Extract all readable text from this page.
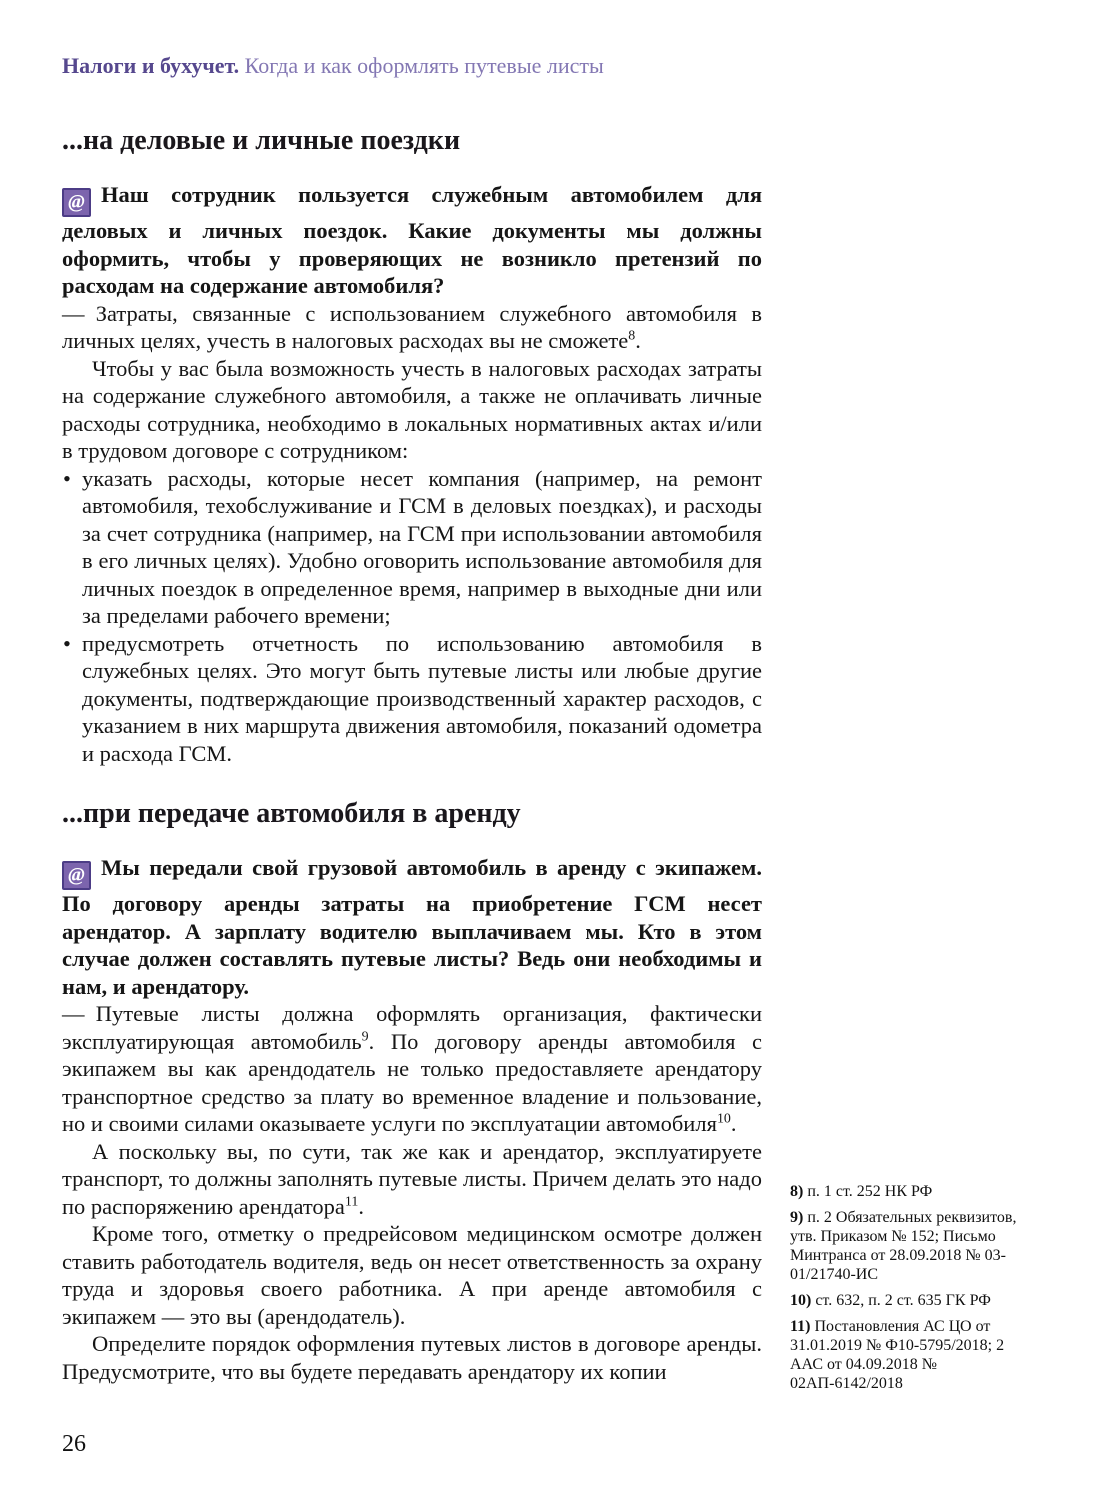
Налоги и бухучет. Когда и как оформлять путевые листы
...на деловые и личные поездки

@ Наш сотрудник пользуется служебным автомобилем для деловых и личных поездок. Какие документы мы должны оформить, чтобы у проверяющих не возникло претензий по расходам на содержание автомобиля?

— Затраты, связанные с использованием служебного автомобиля в личных целях, учесть в налоговых расходах вы не сможете$^8$.

Чтобы у вас была возможность учесть в налоговых расходах затраты на содержание служебного автомобиля, а также не оплачивать личные расходы сотрудника, необходимо в локальных нормативных актах и/или в трудовом договоре с сотрудником:

• указать расходы, которые несет компания (например, на ремонт автомобиля, техобслуживание и ГСМ в деловых поездках), и расходы за счет сотрудника (например, на ГСМ при использовании автомобиля в его личных целях). Удобно оговорить использование автомобиля для личных поездок в определенное время, например в выходные дни или за пределами рабочего времени;
• предусмотреть отчетность по использованию автомобиля в служебных целях. Это могут быть путевые листы или любые другие документы, подтверждающие производственный характер расходов, с указанием в них маршрута движения автомобиля, показаний одометра и расхода ГСМ.
...при передаче автомобиля в аренду

@ Мы передали свой грузовой автомобиль в аренду с экипажем. По договору аренды затраты на приобретение ГСМ несет арендатор. А зарплату водителю выплачиваем мы. Кто в этом случае должен составлять путевые листы? Ведь они необходимы и нам, и арендатору.

— Путевые листы должна оформлять организация, фактически эксплуатирующая автомобиль$^9$. По договору аренды автомобиля с экипажем вы как арендодатель не только предоставляете арендатору транспортное средство за плату во временное владение и пользование, но и своими силами оказываете услуги по эксплуатации автомобиля$^{10}$.

А поскольку вы, по сути, так же как и арендатор, эксплуатируете транспорт, то должны заполнять путевые листы. Причем делать это надо по распоряжению арендатора$^{11}$.

Кроме того, отметку о предрейсовом медицинском осмотре должен ставить работодатель водителя, ведь он несет ответственность за охрану труда и здоровья своего работника. А при аренде автомобиля с экипажем — это вы (арендодатель).

Определите порядок оформления путевых листов в договоре аренды. Предусмотрите, что вы будете передавать арендатору их копии

8) п. 1 ст. 252 НК РФ

9) п. 2 Обязательных реквизитов, утв. Приказом № 152; Письмо Минтранса от 28.09.2018 № 03-01/21740-ИС

10) ст. 632, п. 2 ст. 635 ГК РФ

11) Постановления АС ЦО от 31.01.2019 № Ф10-5795/2018; 2 ААС от 04.09.2018 № 02АП-6142/2018

26
